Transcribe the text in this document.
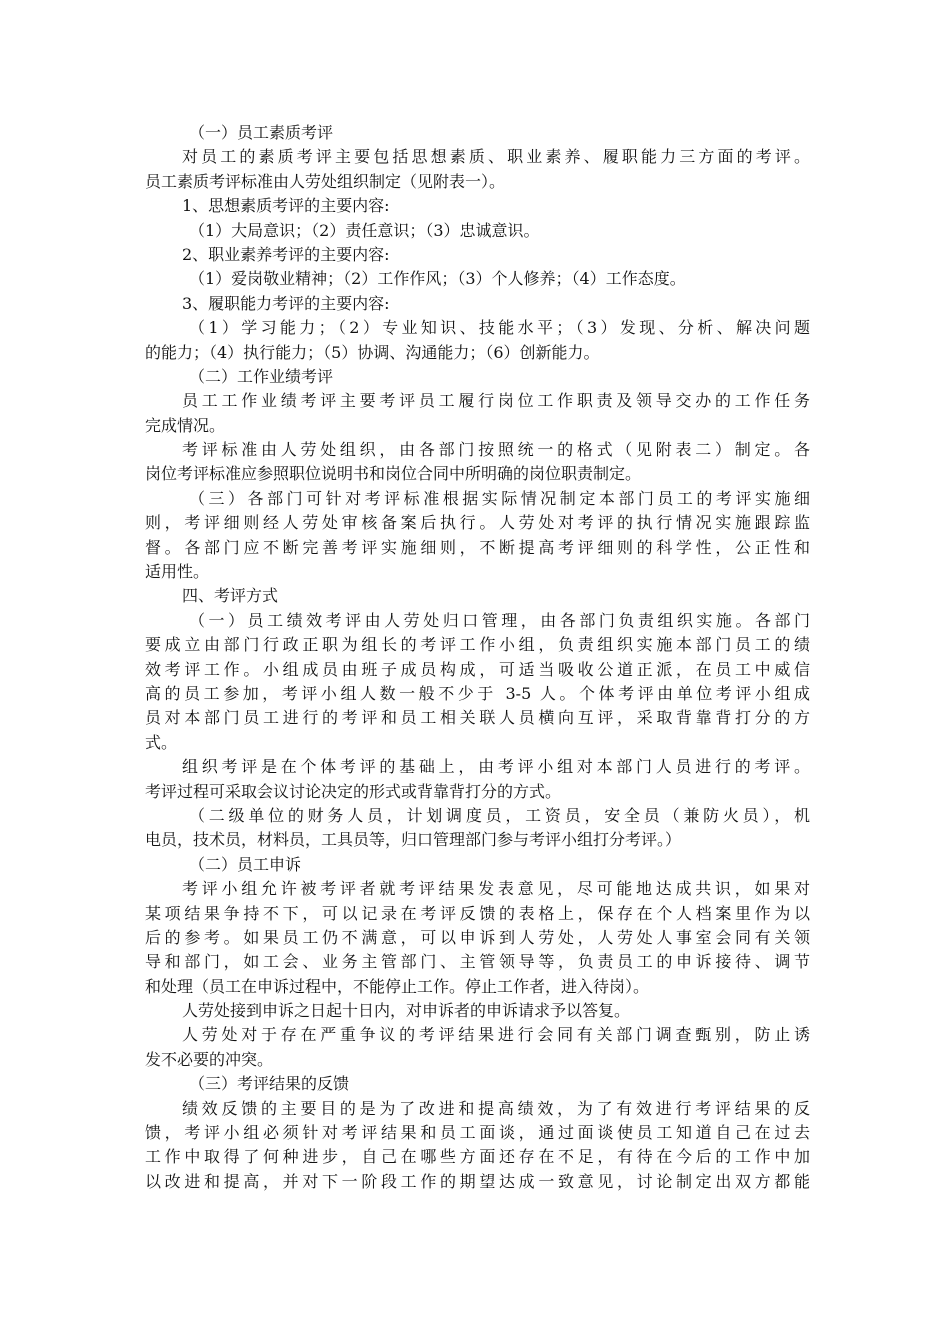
（一）员工素质考评
对员工的素质考评主要包括思想素质、职业素养、履职能力三方面的考评。
员工素质考评标准由人劳处组织制定（见附表一）。
1、思想素质考评的主要内容:
（1）大局意识；（2）责任意识；（3）忠诚意识。
2、职业素养考评的主要内容:
（1）爱岗敬业精神；（2）工作作风；（3）个人修养；（4）工作态度。
3、履职能力考评的主要内容:
（1）学习能力；（2）专业知识、技能水平；（3）发现、分析、解决问题
的能力；（4）执行能力；（5）协调、沟通能力；（6）创新能力。
（二）工作业绩考评
员工工作业绩考评主要考评员工履行岗位工作职责及领导交办的工作任务
完成情况。
考评标准由人劳处组织，由各部门按照统一的格式（见附表二）制定。各
岗位考评标准应参照职位说明书和岗位合同中所明确的岗位职责制定。
（三）各部门可针对考评标准根据实际情况制定本部门员工的考评实施细
则，考评细则经人劳处审核备案后执行。人劳处对考评的执行情况实施跟踪监
督。各部门应不断完善考评实施细则，不断提高考评细则的科学性，公正性和
适用性。
四、考评方式
（一）员工绩效考评由人劳处归口管理，由各部门负责组织实施。各部门
要成立由部门行政正职为组长的考评工作小组，负责组织实施本部门员工的绩
效考评工作。小组成员由班子成员构成，可适当吸收公道正派，在员工中威信
高的员工参加，考评小组人数一般不少于 3-5 人。个体考评由单位考评小组成
员对本部门员工进行的考评和员工相关联人员横向互评，采取背靠背打分的方
式。
组织考评是在个体考评的基础上，由考评小组对本部门人员进行的考评。
考评过程可采取会议讨论决定的形式或背靠背打分的方式。
（二级单位的财务人员，计划调度员，工资员，安全员（兼防火员），机
电员，技术员，材料员，工具员等，归口管理部门参与考评小组打分考评。）
（二）员工申诉
考评小组允许被考评者就考评结果发表意见，尽可能地达成共识，如果对
某项结果争持不下，可以记录在考评反馈的表格上，保存在个人档案里作为以
后的参考。如果员工仍不满意，可以申诉到人劳处，人劳处人事室会同有关领
导和部门，如工会、业务主管部门、主管领导等，负责员工的申诉接待、调节
和处理（员工在申诉过程中，不能停止工作。停止工作者，进入待岗）。
人劳处接到申诉之日起十日内，对申诉者的申诉请求予以答复。
人劳处对于存在严重争议的考评结果进行会同有关部门调查甄别，防止诱
发不必要的冲突。
（三）考评结果的反馈
绩效反馈的主要目的是为了改进和提高绩效，为了有效进行考评结果的反
馈，考评小组必须针对考评结果和员工面谈，通过面谈使员工知道自己在过去
工作中取得了何种进步，自己在哪些方面还存在不足，有待在今后的工作中加
以改进和提高，并对下一阶段工作的期望达成一致意见，讨论制定出双方都能
